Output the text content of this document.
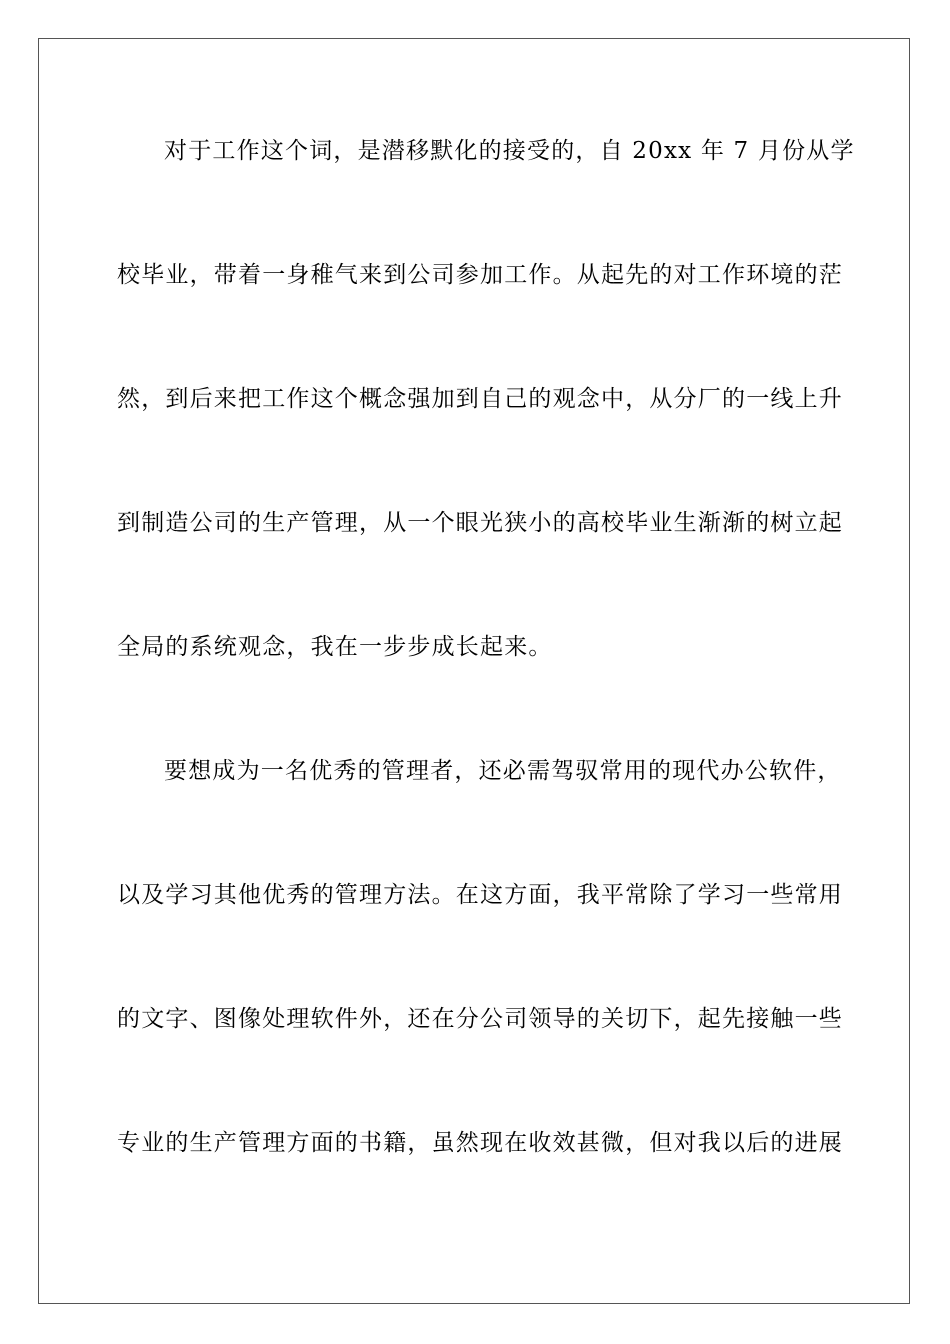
对于工作这个词，是潜移默化的接受的，自 20xx 年 7 月份从学
校毕业，带着一身稚气来到公司参加工作。从起先的对工作环境的茫
然，到后来把工作这个概念强加到自己的观念中，从分厂的一线上升
到制造公司的生产管理，从一个眼光狭小的高校毕业生渐渐的树立起
全局的系统观念，我在一步步成长起来。
要想成为一名优秀的管理者，还必需驾驭常用的现代办公软件，
以及学习其他优秀的管理方法。在这方面，我平常除了学习一些常用
的文字、图像处理软件外，还在分公司领导的关切下，起先接触一些
专业的生产管理方面的书籍，虽然现在收效甚微，但对我以后的进展
